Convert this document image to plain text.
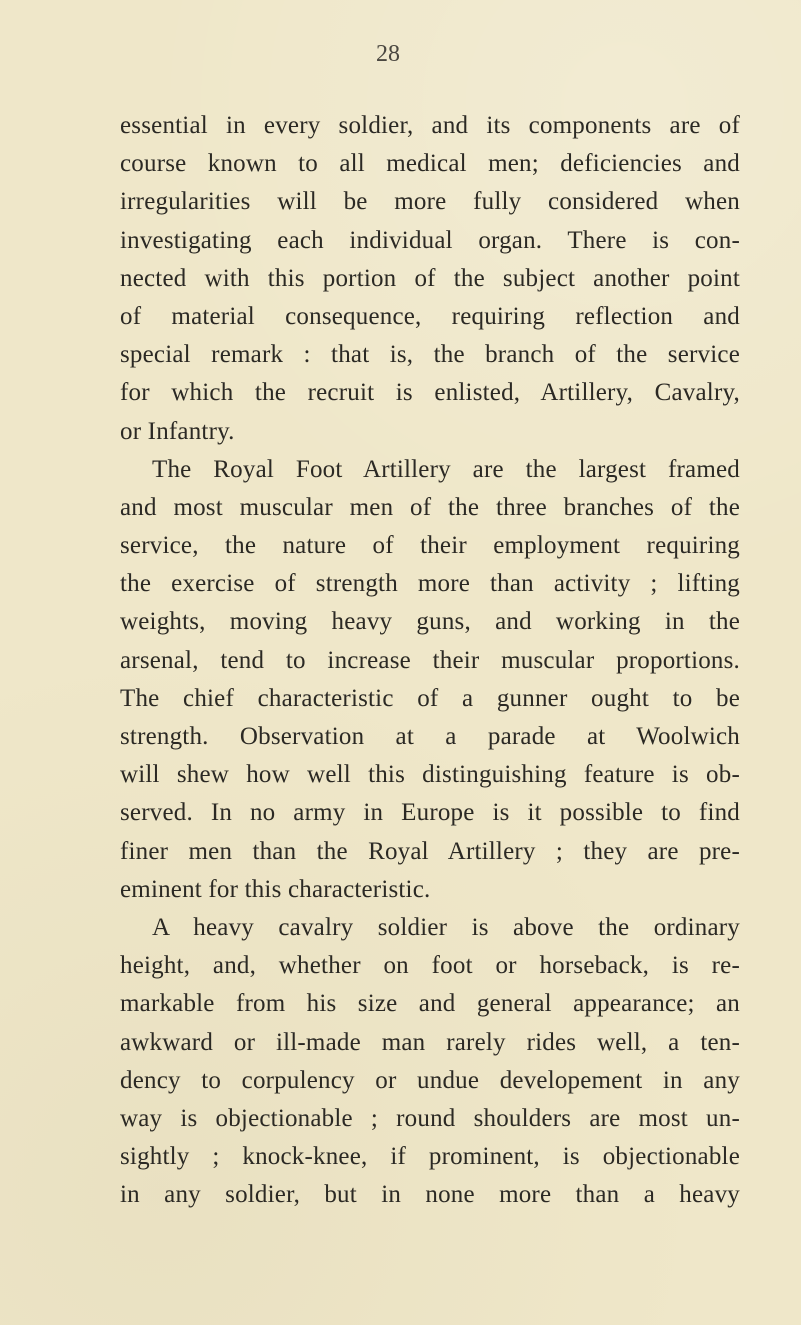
28
essential in every soldier, and its components are of
course known to all medical men; deficiencies and
irregularities will be more fully considered when
investigating each individual organ. There is con-
nected with this portion of the subject another point
of material consequence, requiring reflection and
special remark : that is, the branch of the service
for which the recruit is enlisted, Artillery, Cavalry,
or Infantry.
The Royal Foot Artillery are the largest framed
and most muscular men of the three branches of the
service, the nature of their employment requiring
the exercise of strength more than activity ; lifting
weights, moving heavy guns, and working in the
arsenal, tend to increase their muscular proportions.
The chief characteristic of a gunner ought to be
strength. Observation at a parade at Woolwich
will shew how well this distinguishing feature is ob-
served. In no army in Europe is it possible to find
finer men than the Royal Artillery ; they are pre-
eminent for this characteristic.
A heavy cavalry soldier is above the ordinary
height, and, whether on foot or horseback, is re-
markable from his size and general appearance; an
awkward or ill-made man rarely rides well, a ten-
dency to corpulency or undue developement in any
way is objectionable ; round shoulders are most un-
sightly ; knock-knee, if prominent, is objectionable
in any soldier, but in none more than a heavy
